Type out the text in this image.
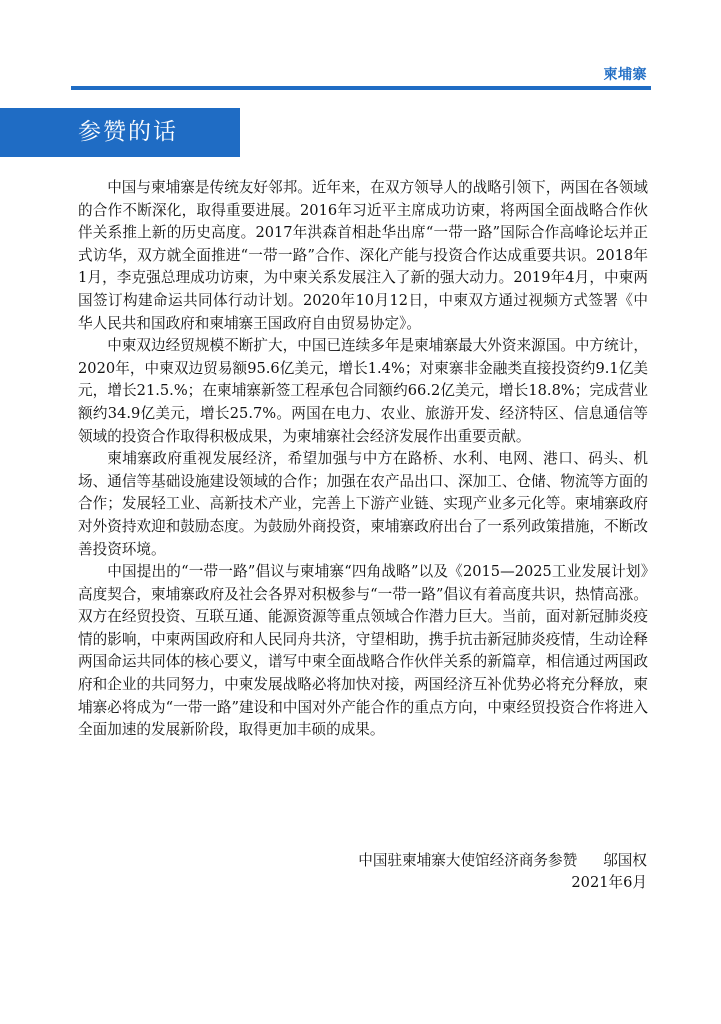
柬埔寨
参赞的话

中国与柬埔寨是传统友好邻邦。近年来，在双方领导人的战略引领下，两国在各领域的合作不断深化，取得重要进展。2016年习近平主席成功访柬，将两国全面战略合作伙伴关系推上新的历史高度。2017年洪森首相赴华出席“一带一路”国际合作高峰论坛并正式访华，双方就全面推进“一带一路”合作、深化产能与投资合作达成重要共识。2018年1月，李克强总理成功访柬，为中柬关系发展注入了新的强大动力。2019年4月，中柬两国签订构建命运共同体行动计划。2020年10月12日，中柬双方通过视频方式签署《中华人民共和国政府和柬埔寨王国政府自由贸易协定》。

中柬双边经贸规模不断扩大，中国已连续多年是柬埔寨最大外资来源国。中方统计，2020年，中柬双边贸易额95.6亿美元，增长1.4%；对柬寨非金融类直接投资约9.1亿美元，增长21.5.%；在柬埔寨新签工程承包合同额约66.2亿美元，增长18.8%；完成营业额约34.9亿美元，增长25.7%。两国在电力、农业、旅游开发、经济特区、信息通信等领域的投资合作取得积极成果，为柬埔寨社会经济发展作出重要贡献。

柬埔寨政府重视发展经济，希望加强与中方在路桥、水利、电网、港口、码头、机场、通信等基础设施建设领域的合作；加强在农产品出口、深加工、仓储、物流等方面的合作；发展轻工业、高新技术产业，完善上下游产业链、实现产业多元化等。柬埔寨政府对外资持欢迎和鼓励态度。为鼓励外商投资，柬埔寨政府出台了一系列政策措施，不断改善投资环境。

中国提出的“一带一路”倡议与柬埔寨“四角战略”以及《2015—2025工业发展计划》高度契合，柬埔寨政府及社会各界对积极参与“一带一路”倡议有着高度共识，热情高涨。双方在经贸投资、互联互通、能源资源等重点领域合作潜力巨大。当前，面对新冠肺炎疫情的影响，中柬两国政府和人民同舟共济，守望相助，携手抗击新冠肺炎疫情，生动诠释两国命运共同体的核心要义，谱写中柬全面战略合作伙伴关系的新篇章，相信通过两国政府和企业的共同努力，中柬发展战略必将加快对接，两国经济互补优势必将充分释放，柬埔寨必将成为“一带一路”建设和中国对外产能合作的重点方向，中柬经贸投资合作将进入全面加速的发展新阶段，取得更加丰硕的成果。

中国驻柬埔寨大使馆经济商务参赞 邬国权
2021年6月
